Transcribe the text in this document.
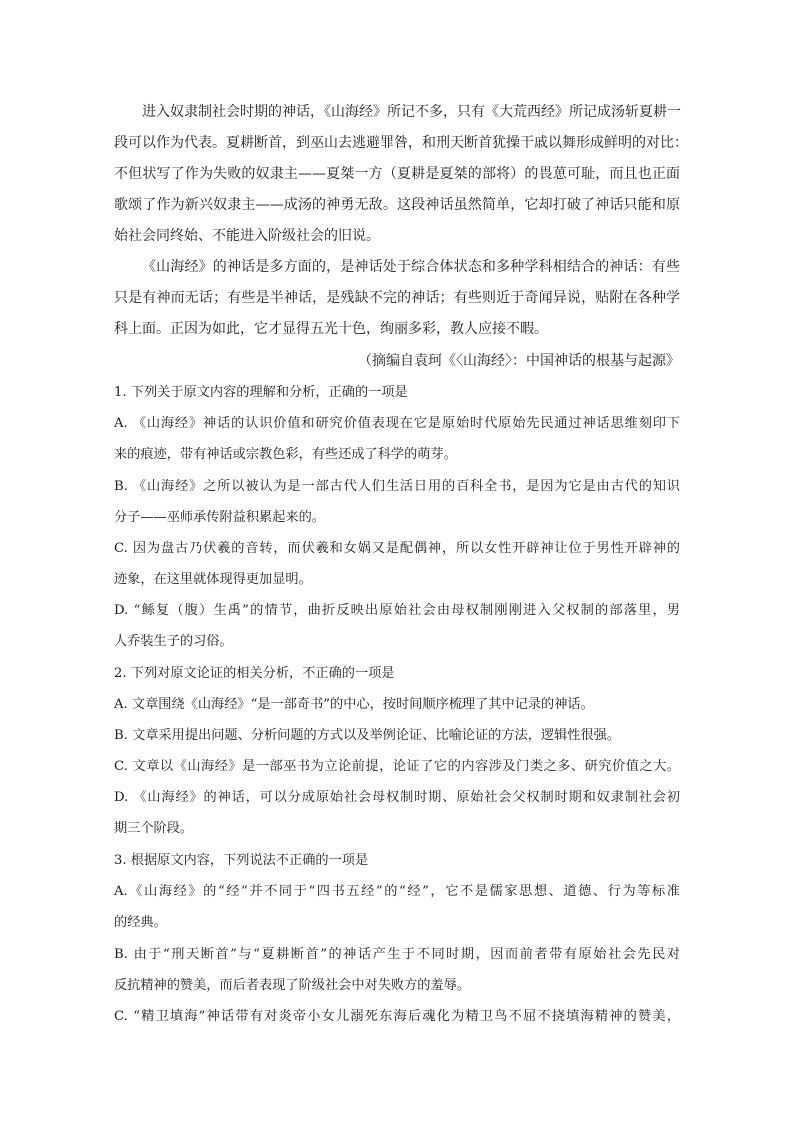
进入奴隶制社会时期的神话，《山海经》所记不多，只有《大荒西经》所记成汤斩夏耕一
段可以作为代表。夏耕断首，到巫山去逃避罪咎，和刑天断首犹操干戚以舞形成鲜明的对比：
不但状写了作为失败的奴隶主——夏桀一方（夏耕是夏桀的部将）的畏葸可耻，而且也正面
歌颂了作为新兴奴隶主——成汤的神勇无敌。这段神话虽然简单，它却打破了神话只能和原
始社会同终始、不能进入阶级社会的旧说。
《山海经》的神话是多方面的，是神话处于综合体状态和多种学科相结合的神话：有些
只是有神而无话；有些是半神话，是残缺不完的神话；有些则近于奇闻异说，贴附在各种学
科上面。正因为如此，它才显得五光十色，绚丽多彩，教人应接不暇。
（摘编自袁珂《〈山海经〉：中国神话的根基与起源》
1. 下列关于原文内容的理解和分析，正确的一项是
A. 《山海经》神话的认识价值和研究价值表现在它是原始时代原始先民通过神话思维刻印下
来的痕迹，带有神话或宗教色彩，有些还成了科学的萌芽。
B. 《山海经》之所以被认为是一部古代人们生活日用的百科全书，是因为它是由古代的知识
分子——巫师承传附益积累起来的。
C. 因为盘古乃伏羲的音转，而伏羲和女娲又是配偶神，所以女性开辟神让位于男性开辟神的
迹象，在这里就体现得更加显明。
D. “鲧复（腹）生禹”的情节，曲折反映出原始社会由母权制刚刚进入父权制的部落里，男
人乔装生子的习俗。
2. 下列对原文论证的相关分析，不正确的一项是
A. 文章围绕《山海经》“是一部奇书”的中心，按时间顺序梳理了其中记录的神话。
B. 文章采用提出问题、分析问题的方式以及举例论证、比喻论证的方法，逻辑性很强。
C. 文章以《山海经》是一部巫书为立论前提，论证了它的内容涉及门类之多、研究价值之大。
D. 《山海经》的神话，可以分成原始社会母权制时期、原始社会父权制时期和奴隶制社会初
期三个阶段。
3. 根据原文内容，下列说法不正确的一项是
A.《山海经》的“经”并不同于“四书五经”的“经”，它不是儒家思想、道德、行为等标准
的经典。
B. 由于“刑天断首”与“夏耕断首”的神话产生于不同时期，因而前者带有原始社会先民对
反抗精神的赞美，而后者表现了阶级社会中对失败方的羞辱。
C. “精卫填海”神话带有对炎帝小女儿溺死东海后魂化为精卫鸟不屈不挠填海精神的赞美，
